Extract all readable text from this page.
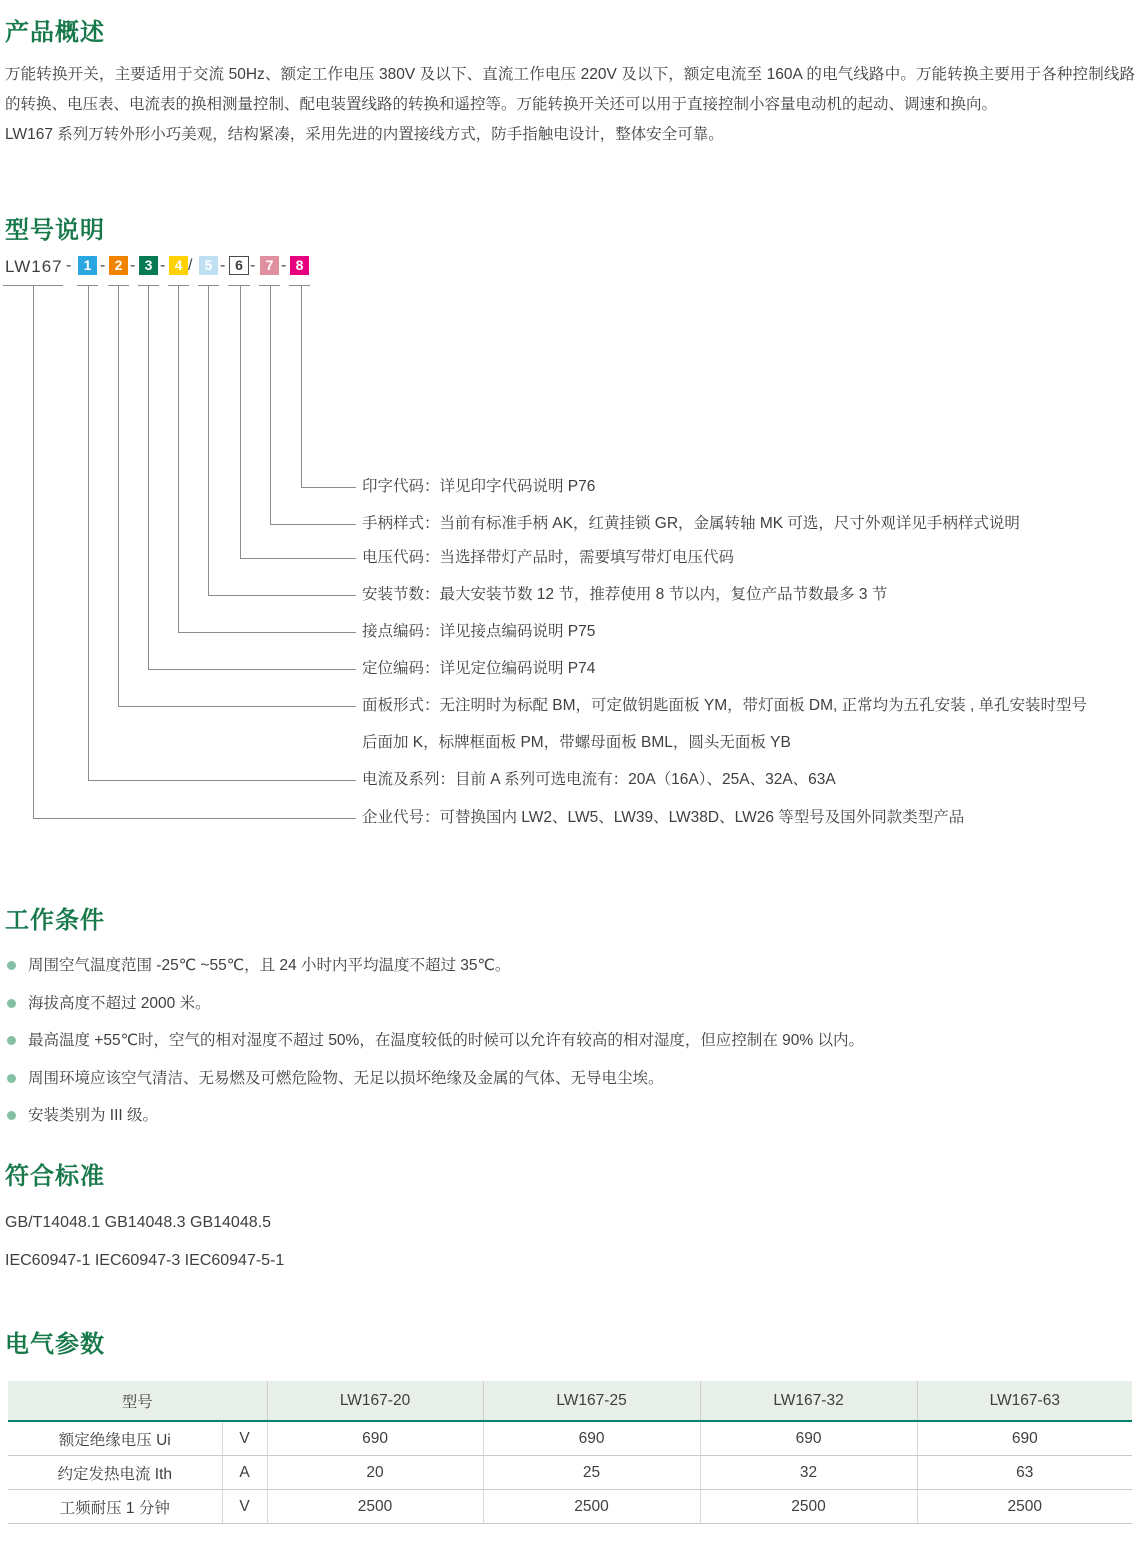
产品概述

万能转换开关，主要适用于交流 50Hz、额定工作电压 380V 及以下、直流工作电压 220V 及以下，额定电流至 160A 的电气线路中。万能转换主要用于各种控制线路的转换、电压表、电流表的换相测量控制、配电装置线路的转换和遥控等。万能转换开关还可以用于直接控制小容量电动机的起动、调速和换向。

LW167 系列万转外形小巧美观，结构紧凑，采用先进的内置接线方式，防手指触电设计，整体安全可靠。

型号说明
LW167 - 1 - 2 - 3 - 4 / 5 - 6 - 7 - 8
印字代码：详见印字代码说明 P76
手柄样式：当前有标准手柄 AK，红黄挂锁 GR，金属转轴 MK 可选，尺寸外观详见手柄样式说明
电压代码：当选择带灯产品时，需要填写带灯电压代码
安装节数：最大安装节数 12 节，推荐使用 8 节以内，复位产品节数最多 3 节
接点编码：详见接点编码说明 P75
定位编码：详见定位编码说明 P74
面板形式：无注明时为标配 BM，可定做钥匙面板 YM，带灯面板 DM, 正常均为五孔安装 , 单孔安装时型号
后面加 K，标牌框面板 PM，带螺母面板 BML，圆头无面板 YB
电流及系列：目前 A 系列可选电流有：20A（16A）、25A、32A、63A
企业代号：可替换国内 LW2、LW5、LW39、LW38D、LW26 等型号及国外同款类型产品
工作条件
周围空气温度范围 -25℃ ~55℃，且 24 小时内平均温度不超过 35℃。
海拔高度不超过 2000 米。
最高温度 +55℃时，空气的相对湿度不超过 50%，在温度较低的时候可以允许有较高的相对湿度，但应控制在 90% 以内。
周围环境应该空气清洁、无易燃及可燃危险物、无足以损坏绝缘及金属的气体、无导电尘埃。
安装类别为 III 级。
符合标准

GB/T14048.1 GB14048.3 GB14048.5

IEC60947-1 IEC60947-3 IEC60947-5-1

电气参数
型号		LW167-20	LW167-25	LW167-32	LW167-63
额定绝缘电压 Ui	V	690	690	690	690
约定发热电流 Ith	A	20	25	32	63
工频耐压 1 分钟	V	2500	2500	2500	2500
